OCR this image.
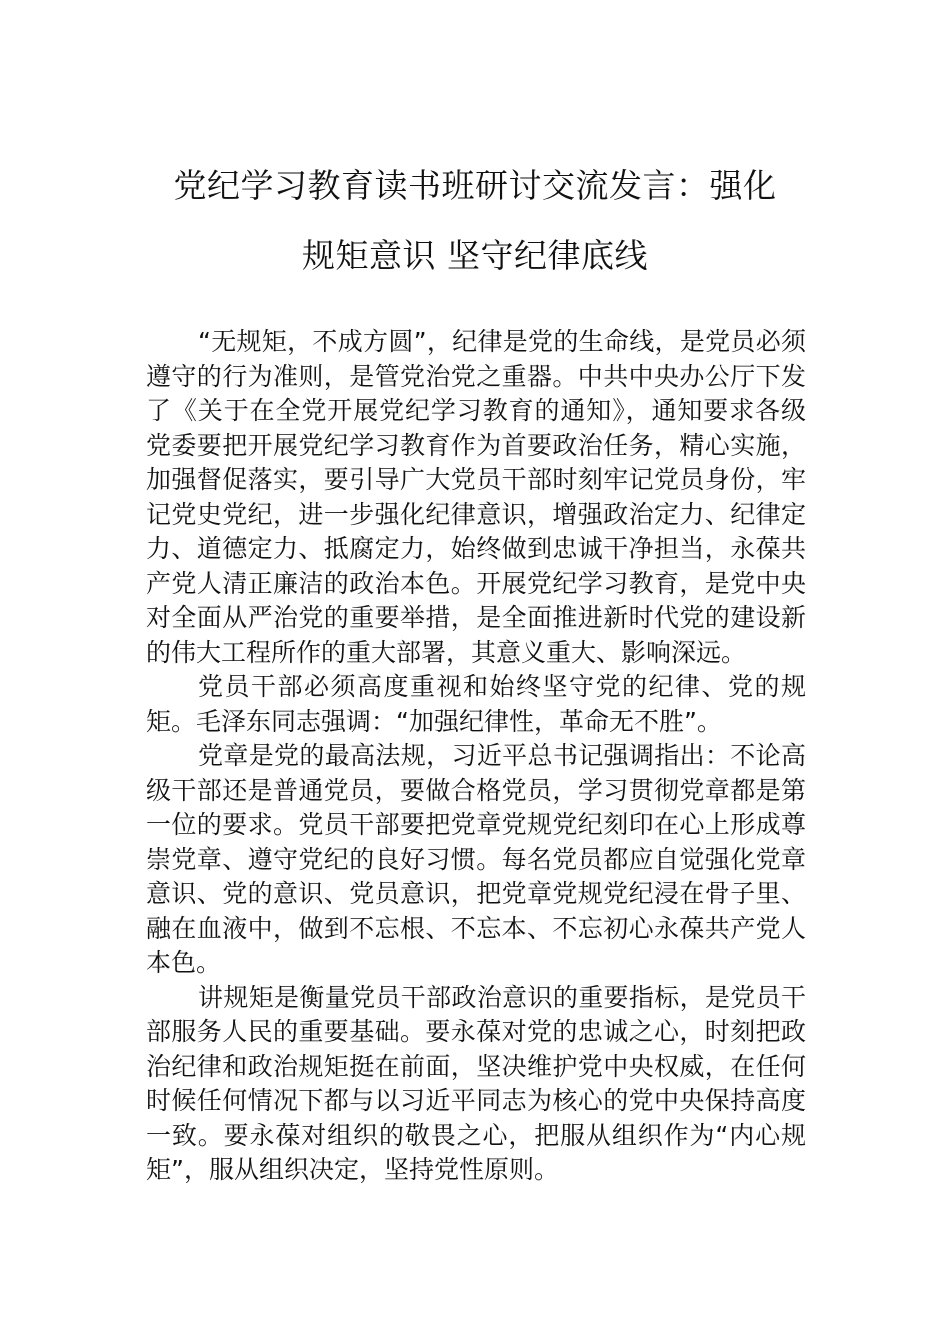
党纪学习教育读书班研讨交流发言：强化
规矩意识 坚守纪律底线

“无规矩，不成方圆”，纪律是党的生命线，是党员必须遵守的行为准则，是管党治党之重器。中共中央办公厅下发了《关于在全党开展党纪学习教育的通知》，通知要求各级党委要把开展党纪学习教育作为首要政治任务，精心实施，加强督促落实，要引导广大党员干部时刻牢记党员身份，牢记党史党纪，进一步强化纪律意识，增强政治定力、纪律定力、道德定力、抵腐定力，始终做到忠诚干净担当，永葆共产党人清正廉洁的政治本色。开展党纪学习教育，是党中央对全面从严治党的重要举措，是全面推进新时代党的建设新的伟大工程所作的重大部署，其意义重大、影响深远。

党员干部必须高度重视和始终坚守党的纪律、党的规矩。毛泽东同志强调：“加强纪律性，革命无不胜”。

党章是党的最高法规，习近平总书记强调指出：不论高级干部还是普通党员，要做合格党员，学习贯彻党章都是第一位的要求。党员干部要把党章党规党纪刻印在心上形成尊崇党章、遵守党纪的良好习惯。每名党员都应自觉强化党章意识、党的意识、党员意识，把党章党规党纪浸在骨子里、融在血液中，做到不忘根、不忘本、不忘初心永葆共产党人本色。

讲规矩是衡量党员干部政治意识的重要指标，是党员干部服务人民的重要基础。要永葆对党的忠诚之心，时刻把政治纪律和政治规矩挺在前面，坚决维护党中央权威，在任何时候任何情况下都与以习近平同志为核心的党中央保持高度一致。要永葆对组织的敬畏之心，把服从组织作为“内心规矩”，服从组织决定，坚持党性原则。
